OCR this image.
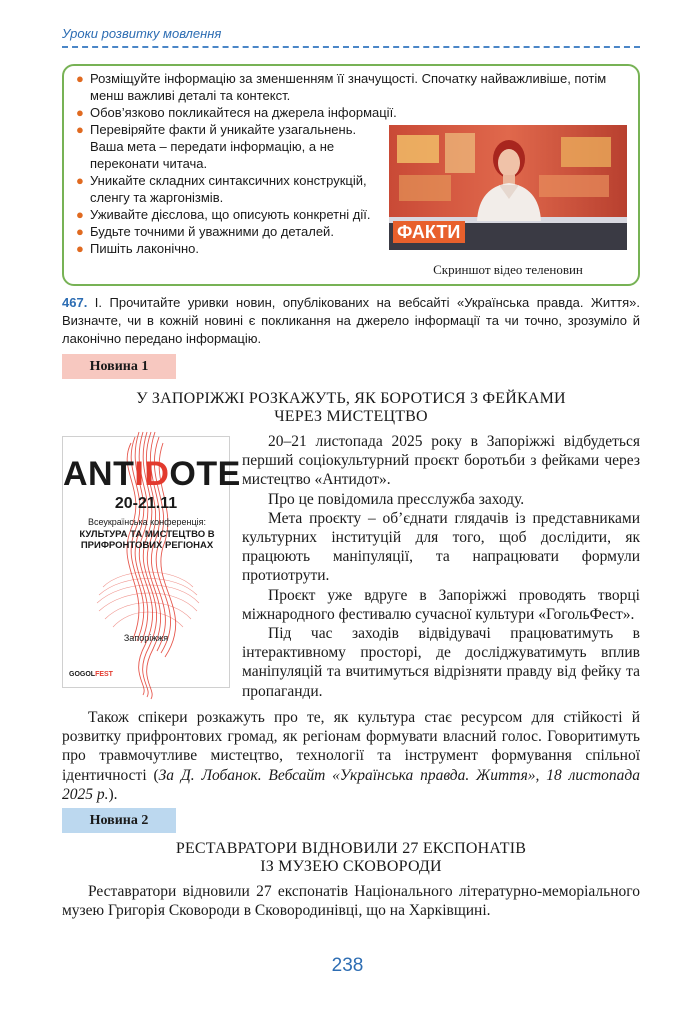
Уроки розвитку мовлення
● Розміщуйте інформацію за зменшенням її значущості. Спочатку найважливіше, потім менш важливі деталі та контекст.
● Обов’язково покликайтеся на джерела інформації.
● Перевіряйте факти й уникайте узагальнень. Ваша мета – передати інформацію, а не переконати читача.
● Уникайте складних синтаксичних конструкцій, сленгу та жаргонізмів.
● Уживайте дієслова, що описують конкретні дії.
● Будьте точними й уважними до деталей.
● Пишіть лаконічно.
ФАКТИ
Скриншот відео теленовин
467. І. Прочитайте уривки новин, опублікованих на вебсайті «Українська правда. Життя». Визначте, чи в кожній новині є покликання на джерело інформації та чи точно, зрозуміло й лаконічно передано інформацію.
Новина 1
У ЗАПОРІЖЖІ РОЗКАЖУТЬ, ЯК БОРОТИСЯ З ФЕЙКАМИ
ЧЕРЕЗ МИСТЕЦТВО
ANTIDOTE
20-21.11
Всеукраїнська конференція:
КУЛЬТУРА ТА МИСТЕЦТВО В ПРИФРОНТОВИХ РЕГІОНАХ
Запоріжжя
GOGOLFEST

20–21 листопада 2025 року в Запоріжжі відбудеться перший соціокультурний проєкт боротьби з фейками через мистецтво «Антидот».

Про це повідомила пресслужба заходу.

Мета проєкту – об’єднати глядачів із представниками культурних інституцій для того, щоб дослідити, як працюють маніпуляції, та напрацювати формули протиотрути.

Проєкт уже вдруге в Запоріжжі проводять творці міжнародного фестивалю сучасної культури «ГогольФест».

Під час заходів відвідувачі працюватимуть в інтерактивному просторі, де досліджуватимуть вплив маніпуляцій та вчитимуться відрізняти правду від фейку та пропаганди.

Також спікери розкажуть про те, як культура стає ресурсом для стійкості й розвитку прифронтових громад, як регіонам формувати власний голос. Говоритимуть про травмочутливе мистецтво, технології та інструмент формування спільної ідентичності (За Д. Лобанок. Вебсайт «Українська правда. Життя», 18 листопада 2025 р.).
Новина 2
РЕСТАВРАТОРИ ВІДНОВИЛИ 27 ЕКСПОНАТІВ
ІЗ МУЗЕЮ СКОВОРОДИ
Реставратори відновили 27 експонатів Національного літературно-меморіального музею Григорія Сковороди в Сковородинівці, що на Харківщині.
238
